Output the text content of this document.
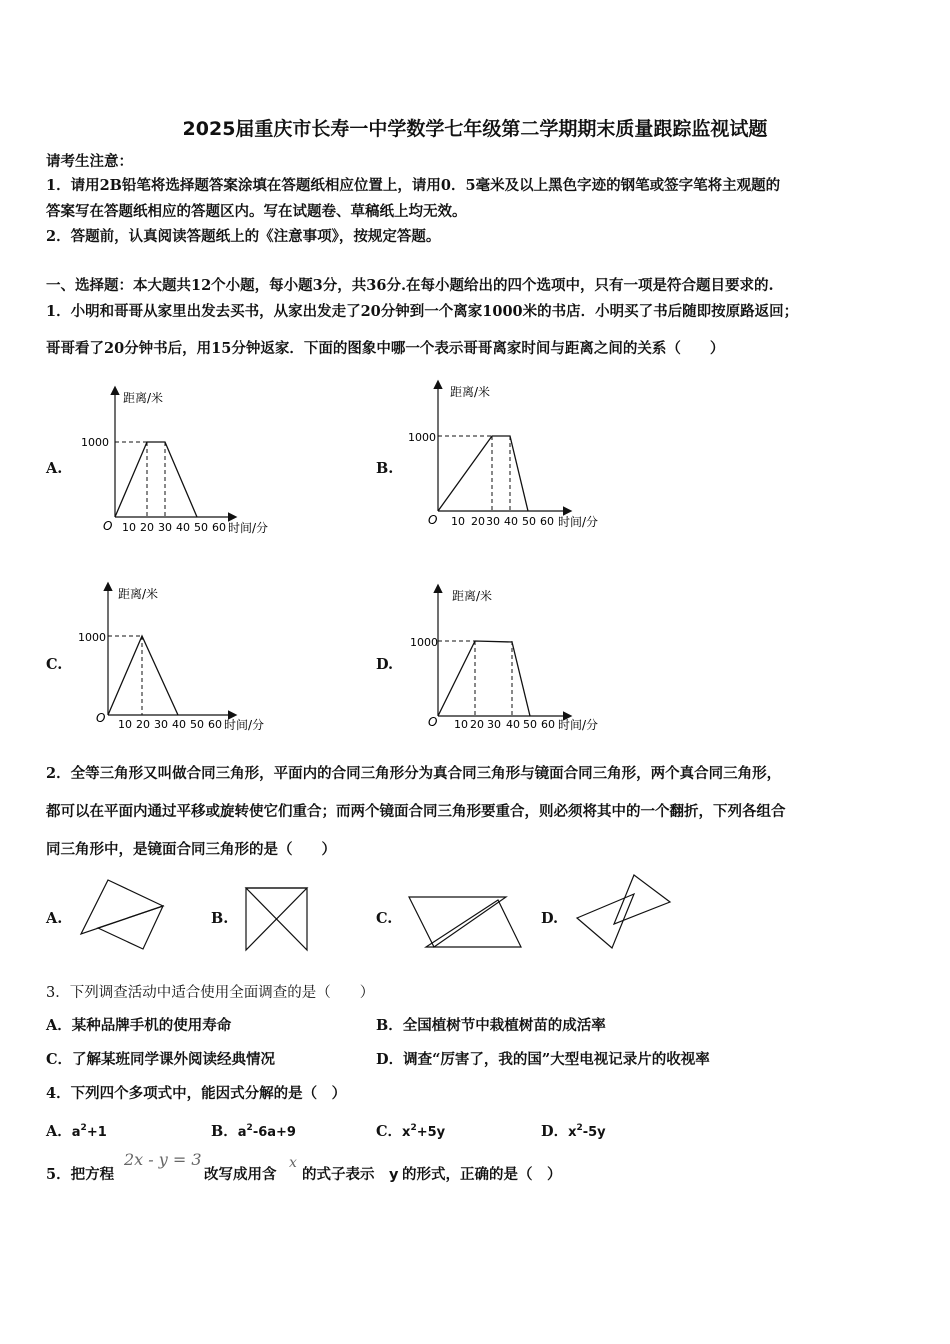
2025届重庆市长寿一中学数学七年级第二学期期末质量跟踪监视试题
请考生注意：
1．请用2B铅笔将选择题答案涂填在答题纸相应位置上，请用0．5毫米及以上黑色字迹的钢笔或签字笔将主观题的
答案写在答题纸相应的答题区内。写在试题卷、草稿纸上均无效。
2．答题前，认真阅读答题纸上的《注意事项》，按规定答题。
一、选择题：本大题共12个小题，每小题3分，共36分.在每小题给出的四个选项中，只有一项是符合题目要求的.
1．小明和哥哥从家里出发去买书，从家出发走了20分钟到一个离家1000米的书店．小明买了书后随即按原路返回；
哥哥看了20分钟书后，用15分钟返家．下面的图象中哪一个表示哥哥离家时间与距离之间的关系（　　）
A.
距离/米
1000
O 10 20 30 40 50 60 时间/分
B.
距离/米
1000
O 10 20 30 40 50 60 时间/分
C.
距离/米
1000
O 10 20 30 40 50 60 时间/分
D.
距离/米
1000
O 10 20 30 40 50 60 时间/分
2．全等三角形又叫做合同三角形，平面内的合同三角形分为真合同三角形与镜面合同三角形，两个真合同三角形，
都可以在平面内通过平移或旋转使它们重合；而两个镜面合同三角形要重合，则必须将其中的一个翻折，下列各组合
同三角形中，是镜面合同三角形的是（　　）
A.	B.	C.	D.
3．下列调查活动中适合使用全面调查的是（　　）
A．某种品牌手机的使用寿命	B．全国植树节中栽植树苗的成活率
C．了解某班同学课外阅读经典情况	D．调查“厉害了，我的国”大型电视记录片的收视率
4．下列四个多项式中，能因式分解的是（　）
A．$a^2+1$	B．$a^2-6a+9$	C．$x^2+5y$	D．$x^2-5y$
5．把方程
2x - y = 3
改写成用含
x
的式子表示 y 的形式，正确的是（　）
